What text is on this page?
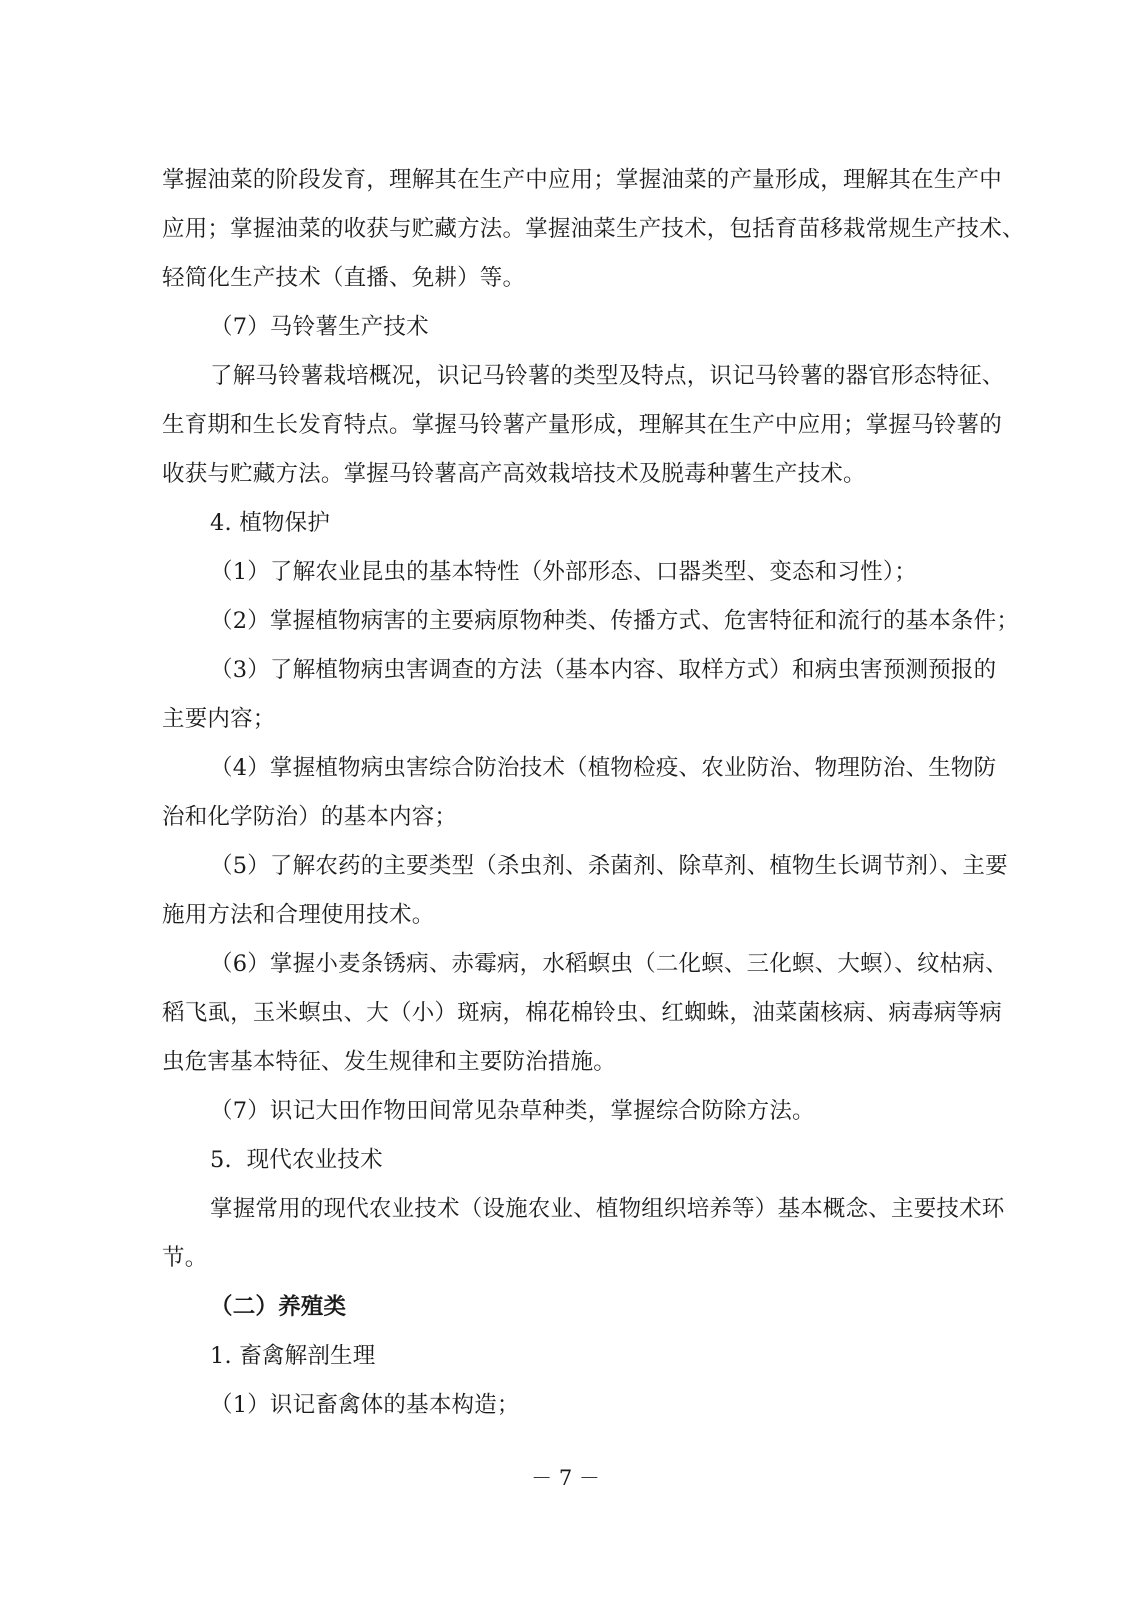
掌握油菜的阶段发育，理解其在生产中应用；掌握油菜的产量形成，理解其在生产中
应用；掌握油菜的收获与贮藏方法。掌握油菜生产技术，包括育苗移栽常规生产技术、
轻简化生产技术（直播、免耕）等。
（7）马铃薯生产技术
了解马铃薯栽培概况，识记马铃薯的类型及特点，识记马铃薯的器官形态特征、
生育期和生长发育特点。掌握马铃薯产量形成，理解其在生产中应用；掌握马铃薯的
收获与贮藏方法。掌握马铃薯高产高效栽培技术及脱毒种薯生产技术。
4. 植物保护
（1）了解农业昆虫的基本特性（外部形态、口器类型、变态和习性）；
（2）掌握植物病害的主要病原物种类、传播方式、危害特征和流行的基本条件；
（3）了解植物病虫害调查的方法（基本内容、取样方式）和病虫害预测预报的
主要内容；
（4）掌握植物病虫害综合防治技术（植物检疫、农业防治、物理防治、生物防
治和化学防治）的基本内容；
（5）了解农药的主要类型（杀虫剂、杀菌剂、除草剂、植物生长调节剂）、主要
施用方法和合理使用技术。
（6）掌握小麦条锈病、赤霉病，水稻螟虫（二化螟、三化螟、大螟）、纹枯病、
稻飞虱，玉米螟虫、大（小）斑病，棉花棉铃虫、红蜘蛛，油菜菌核病、病毒病等病
虫危害基本特征、发生规律和主要防治措施。
（7）识记大田作物田间常见杂草种类，掌握综合防除方法。
5.  现代农业技术
掌握常用的现代农业技术（设施农业、植物组织培养等）基本概念、主要技术环
节。
（二）养殖类
1. 畜禽解剖生理
（1）识记畜禽体的基本构造；
－ 7 －
